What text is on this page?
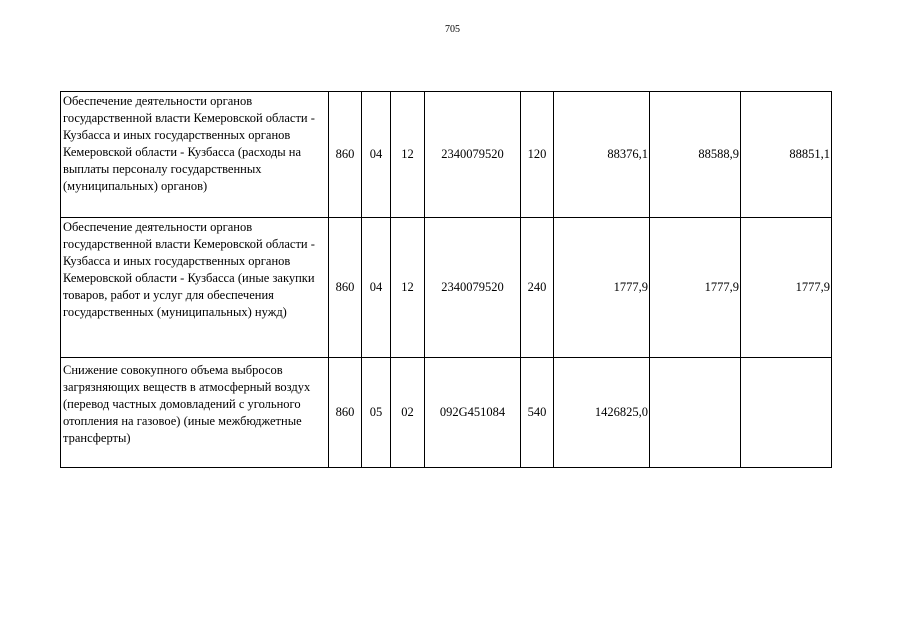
705
Обеспечение деятельности органов государственной власти Кемеровской области - Кузбасса и иных государственных органов Кемеровской области - Кузбасса (расходы на выплаты персоналу государственных (муниципальных) органов)	860	04	12	2340079520	120	88376,1	88588,9	88851,1
Обеспечение деятельности органов государственной власти Кемеровской области - Кузбасса и иных государственных органов Кемеровской области - Кузбасса (иные закупки товаров, работ и услуг для обеспечения государственных (муниципальных) нужд)	860	04	12	2340079520	240	1777,9	1777,9	1777,9
Снижение совокупного объема выбросов загрязняющих веществ в атмосферный воздух (перевод частных домовладений с угольного отопления на газовое) (иные межбюджетные трансферты)	860	05	02	092G451084	540	1426825,0		
